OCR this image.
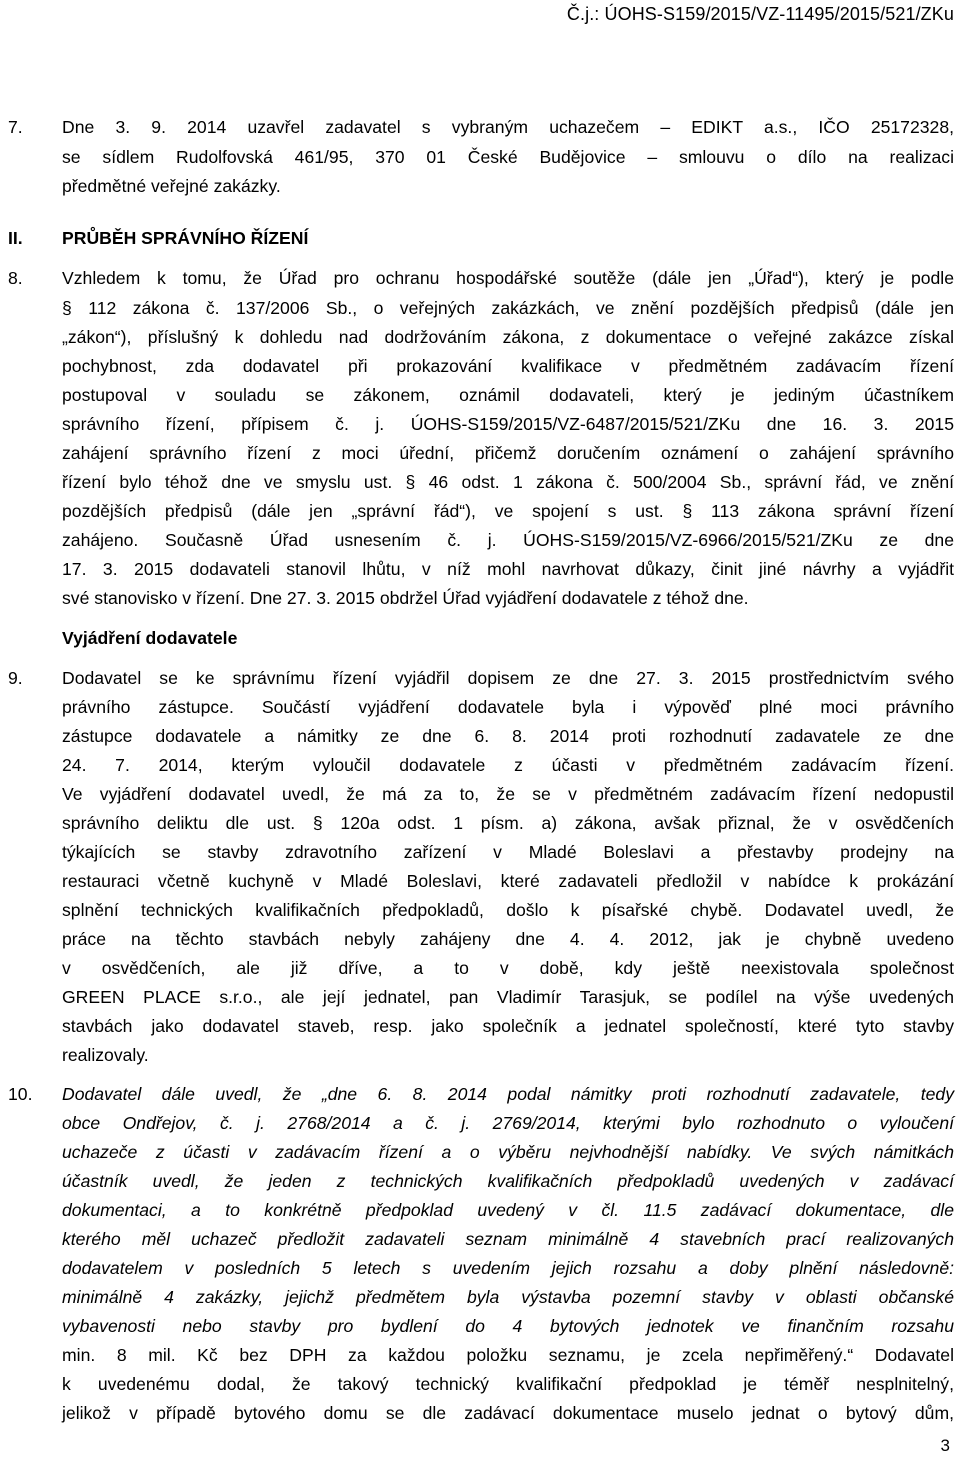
Č.j.: ÚOHS-S159/2015/VZ-11495/2015/521/ZKu
7. Dne 3. 9. 2014 uzavřel zadavatel s vybraným uchazečem – EDIKT a.s., IČO 25172328,
se sídlem Rudolfovská 461/95, 370 01 České Budějovice – smlouvu o dílo na realizaci
předmětné veřejné zakázky.
II. PRŮBĚH SPRÁVNÍHO ŘÍZENÍ
8. Vzhledem k tomu, že Úřad pro ochranu hospodářské soutěže (dále jen „Úřad“), který je podle
§ 112 zákona č. 137/2006 Sb., o veřejných zakázkách, ve znění pozdějších předpisů (dále jen
„zákon“), příslušný k dohledu nad dodržováním zákona, z dokumentace o veřejné zakázce získal
pochybnost, zda dodavatel při prokazování kvalifikace v předmětném zadávacím řízení
postupoval v souladu se zákonem, oznámil dodavateli, který je jediným účastníkem
správního řízení, přípisem č. j. ÚOHS-S159/2015/VZ-6487/2015/521/ZKu dne 16. 3. 2015
zahájení správního řízení z moci úřední, přičemž doručením oznámení o zahájení správního
řízení bylo téhož dne ve smyslu ust. § 46 odst. 1 zákona č. 500/2004 Sb., správní řád, ve znění
pozdějších předpisů (dále jen „správní řád“), ve spojení s ust. § 113 zákona správní řízení
zahájeno. Současně Úřad usnesením č. j. ÚOHS-S159/2015/VZ-6966/2015/521/ZKu ze dne
17. 3. 2015 dodavateli stanovil lhůtu, v níž mohl navrhovat důkazy, činit jiné návrhy a vyjádřit
své stanovisko v řízení. Dne 27. 3. 2015 obdržel Úřad vyjádření dodavatele z téhož dne.
Vyjádření dodavatele
9. Dodavatel se ke správnímu řízení vyjádřil dopisem ze dne 27. 3. 2015 prostřednictvím svého
právního zástupce. Součástí vyjádření dodavatele byla i výpověď plné moci právního
zástupce dodavatele a námitky ze dne 6. 8. 2014 proti rozhodnutí zadavatele ze dne
24. 7. 2014, kterým vyloučil dodavatele z účasti v předmětném zadávacím řízení.
Ve vyjádření dodavatel uvedl, že má za to, že se v předmětném zadávacím řízení nedopustil
správního deliktu dle ust. § 120a odst. 1 písm. a) zákona, avšak přiznal, že v osvědčeních
týkajících se stavby zdravotního zařízení v Mladé Boleslavi a přestavby prodejny na
restauraci včetně kuchyně v Mladé Boleslavi, které zadavateli předložil v nabídce k prokázání
splnění technických kvalifikačních předpokladů, došlo k písařské chybě. Dodavatel uvedl, že
práce na těchto stavbách nebyly zahájeny dne 4. 4. 2012, jak je chybně uvedeno
v osvědčeních, ale již dříve, a to v době, kdy ještě neexistovala společnost
GREEN PLACE s.r.o., ale její jednatel, pan Vladimír Tarasjuk, se podílel na výše uvedených
stavbách jako dodavatel staveb, resp. jako společník a jednatel společností, které tyto stavby
realizovaly.
10. Dodavatel dále uvedl, že „dne 6. 8. 2014 podal námitky proti rozhodnutí zadavatele, tedy
obce Ondřejov, č. j. 2768/2014 a č. j. 2769/2014, kterými bylo rozhodnuto o vyloučení
uchazeče z účasti v zadávacím řízení a o výběru nejvhodnější nabídky. Ve svých námitkách
účastník uvedl, že jeden z technických kvalifikačních předpokladů uvedených v zadávací
dokumentaci, a to konkrétně předpoklad uvedený v čl. 11.5 zadávací dokumentace, dle
kterého měl uchazeč předložit zadavateli seznam minimálně 4 stavebních prací realizovaných
dodavatelem v posledních 5 letech s uvedením jejich rozsahu a doby plnění následovně:
minimálně 4 zakázky, jejichž předmětem byla výstavba pozemní stavby v oblasti občanské
vybavenosti nebo stavby pro bydlení do 4 bytových jednotek ve finančním rozsahu
min. 8 mil. Kč bez DPH za každou položku seznamu, je zcela nepřiměřený.“ Dodavatel
k uvedenému dodal, že takový technický kvalifikační předpoklad je téměř nesplnitelný,
jelikož v případě bytového domu se dle zadávací dokumentace muselo jednat o bytový dům,
3
